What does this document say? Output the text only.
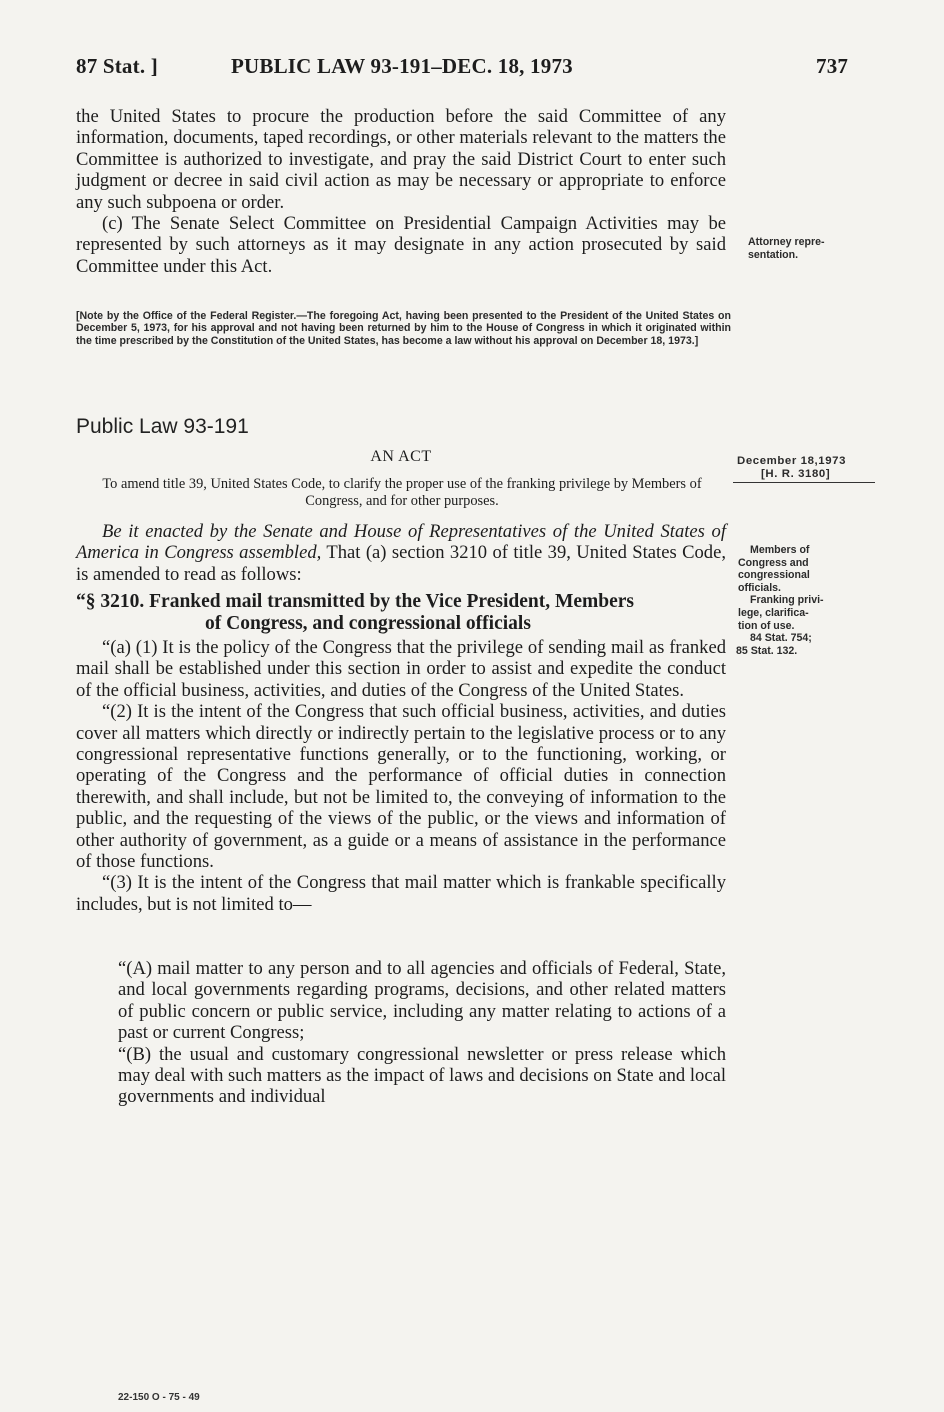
87 Stat. ]	PUBLIC LAW 93-191–DEC. 18, 1973	737

the United States to procure the production before the said Committee of any information, documents, taped recordings, or other materials relevant to the matters the Committee is authorized to investigate, and pray the said District Court to enter such judgment or decree in said civil action as may be necessary or appropriate to enforce any such subpoena or order.

(c) The Senate Select Committee on Presidential Campaign Activities may be represented by such attorneys as it may designate in any action prosecuted by said Committee under this Act.

Attorney repre-
sentation.
[Note by the Office of the Federal Register.—The foregoing Act, having been presented to the President of the United States on December 5, 1973, for his approval and not having been returned by him to the House of Congress in which it originated within the time prescribed by the Constitution of the United States, has become a law without his approval on December 18, 1973.]
Public Law 93-191
AN ACT
To amend title 39, United States Code, to clarify the proper use of the franking privilege by Members of Congress, and for other purposes.
December 18,1973
[H. R. 3180]

Be it enacted by the Senate and House of Representatives of the United States of America in Congress assembled, That (a) section 3210 of title 39, United States Code, is amended to read as follows:

Members of
Congress and
congressional
officials.
Franking privi-
lege, clarifica-
tion of use.
84 Stat. 754;
85 Stat. 132.
“§ 3210. Franked mail transmitted by the Vice President, Members
of Congress, and congressional officials

“(a) (1) It is the policy of the Congress that the privilege of sending mail as franked mail shall be established under this section in order to assist and expedite the conduct of the official business, activities, and duties of the Congress of the United States.

“(2) It is the intent of the Congress that such official business, activities, and duties cover all matters which directly or indirectly pertain to the legislative process or to any congressional representative functions generally, or to the functioning, working, or operating of the Congress and the performance of official duties in connection therewith, and shall include, but not be limited to, the conveying of information to the public, and the requesting of the views of the public, or the views and information of other authority of government, as a guide or a means of assistance in the performance of those functions.

“(3) It is the intent of the Congress that mail matter which is frankable specifically includes, but is not limited to—

“(A) mail matter to any person and to all agencies and officials of Federal, State, and local governments regarding programs, decisions, and other related matters of public concern or public service, including any matter relating to actions of a past or current Congress;

“(B) the usual and customary congressional newsletter or press release which may deal with such matters as the impact of laws and decisions on State and local governments and individual

22-150 O - 75 - 49
